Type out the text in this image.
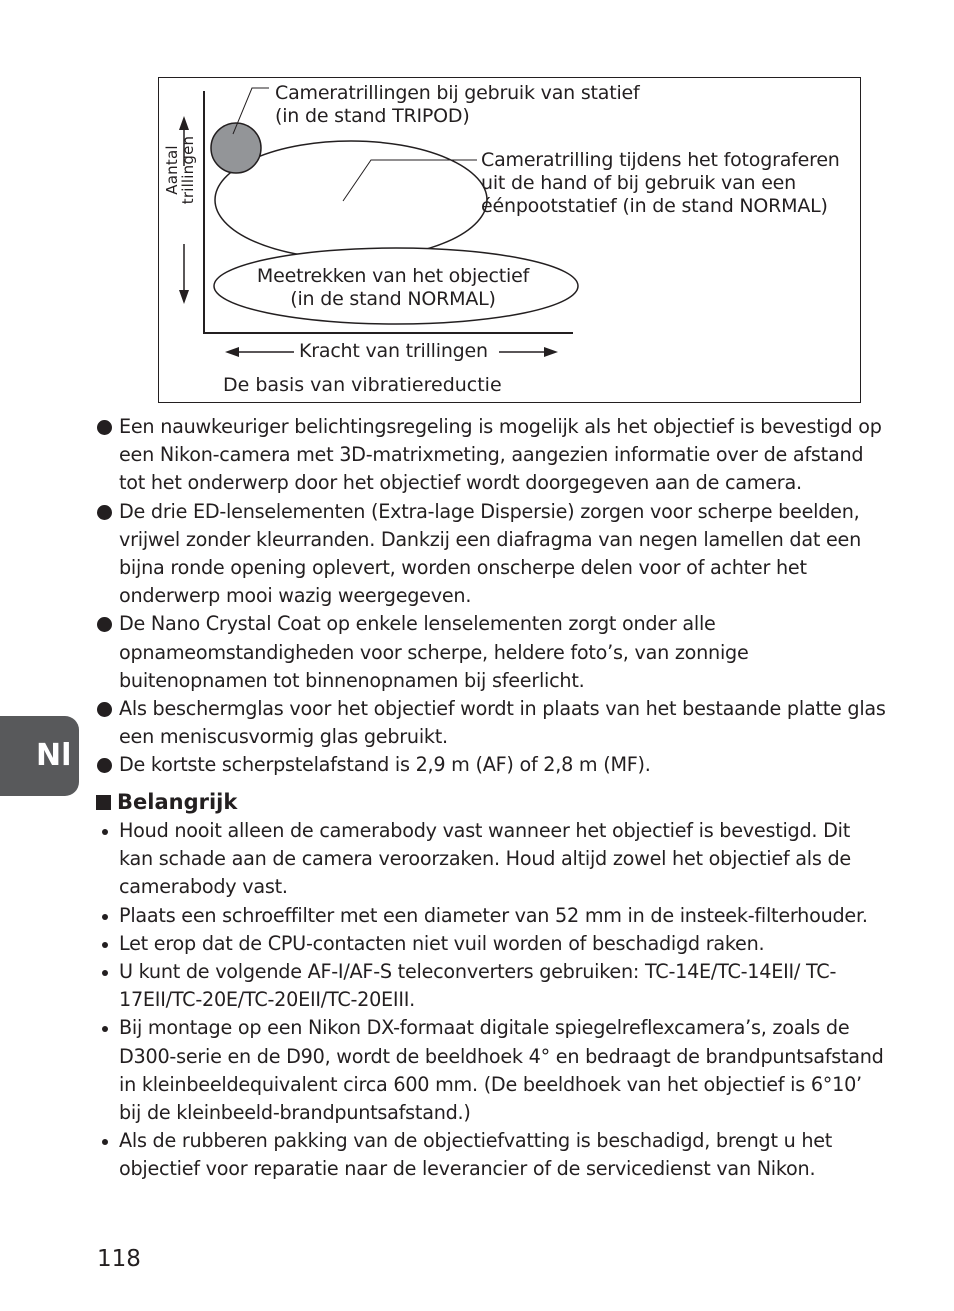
Cameratrillingen bij gebruik van statief
(in de stand TRIPOD)
Cameratrilling tijdens het fotograferen
uit de hand of bij gebruik van een
éénpootstatief (in de stand NORMAL)
Meetrekken van het objectief
(in de stand NORMAL)
Aantal
trillingen
Kracht van trillingen
De basis van vibratiereductie
Een nauwkeuriger belichtingsregeling is mogelijk als het objectief is bevestigd op een Nikon-camera met 3D-matrixmeting, aangezien informatie over de afstand tot het onderwerp door het objectief wordt doorgegeven aan de camera.
De drie ED-lenselementen (Extra-lage Dispersie) zorgen voor scherpe beelden, vrijwel zonder kleurranden. Dankzij een diafragma van negen lamellen dat een bijna ronde opening oplevert, worden onscherpe delen voor of achter het onderwerp mooi wazig weergegeven.
De Nano Crystal Coat op enkele lenselementen zorgt onder alle opnameomstandigheden voor scherpe, heldere foto’s, van zonnige buitenopnamen tot binnenopnamen bij sfeerlicht.
Als beschermglas voor het objectief wordt in plaats van het bestaande platte glas een meniscusvormig glas gebruikt.
De kortste scherpstelafstand is 2,9 m (AF) of 2,8 m (MF).
Belangrijk
Houd nooit alleen de camerabody vast wanneer het objectief is bevestigd. Dit kan schade aan de camera veroorzaken. Houd altijd zowel het objectief als de camerabody vast.
Plaats een schroeffilter met een diameter van 52 mm in de insteek-filterhouder.
Let erop dat de CPU-contacten niet vuil worden of beschadigd raken.
U kunt de volgende AF-I/AF-S teleconverters gebruiken: TC-14E/TC-14EII/ TC-17EII/TC-20E/TC-20EII/TC-20EIII.
Bij montage op een Nikon DX-formaat digitale spiegelreflexcamera’s, zoals de D300-serie en de D90, wordt de beeldhoek 4° en bedraagt de brandpuntsafstand in kleinbeeldequivalent circa 600 mm. (De beeldhoek van het objectief is 6°10’ bij de kleinbeeld-brandpuntsafstand.)
Als de rubberen pakking van de objectiefvatting is beschadigd, brengt u het objectief voor reparatie naar de leverancier of de servicedienst van Nikon.
Nl
118
